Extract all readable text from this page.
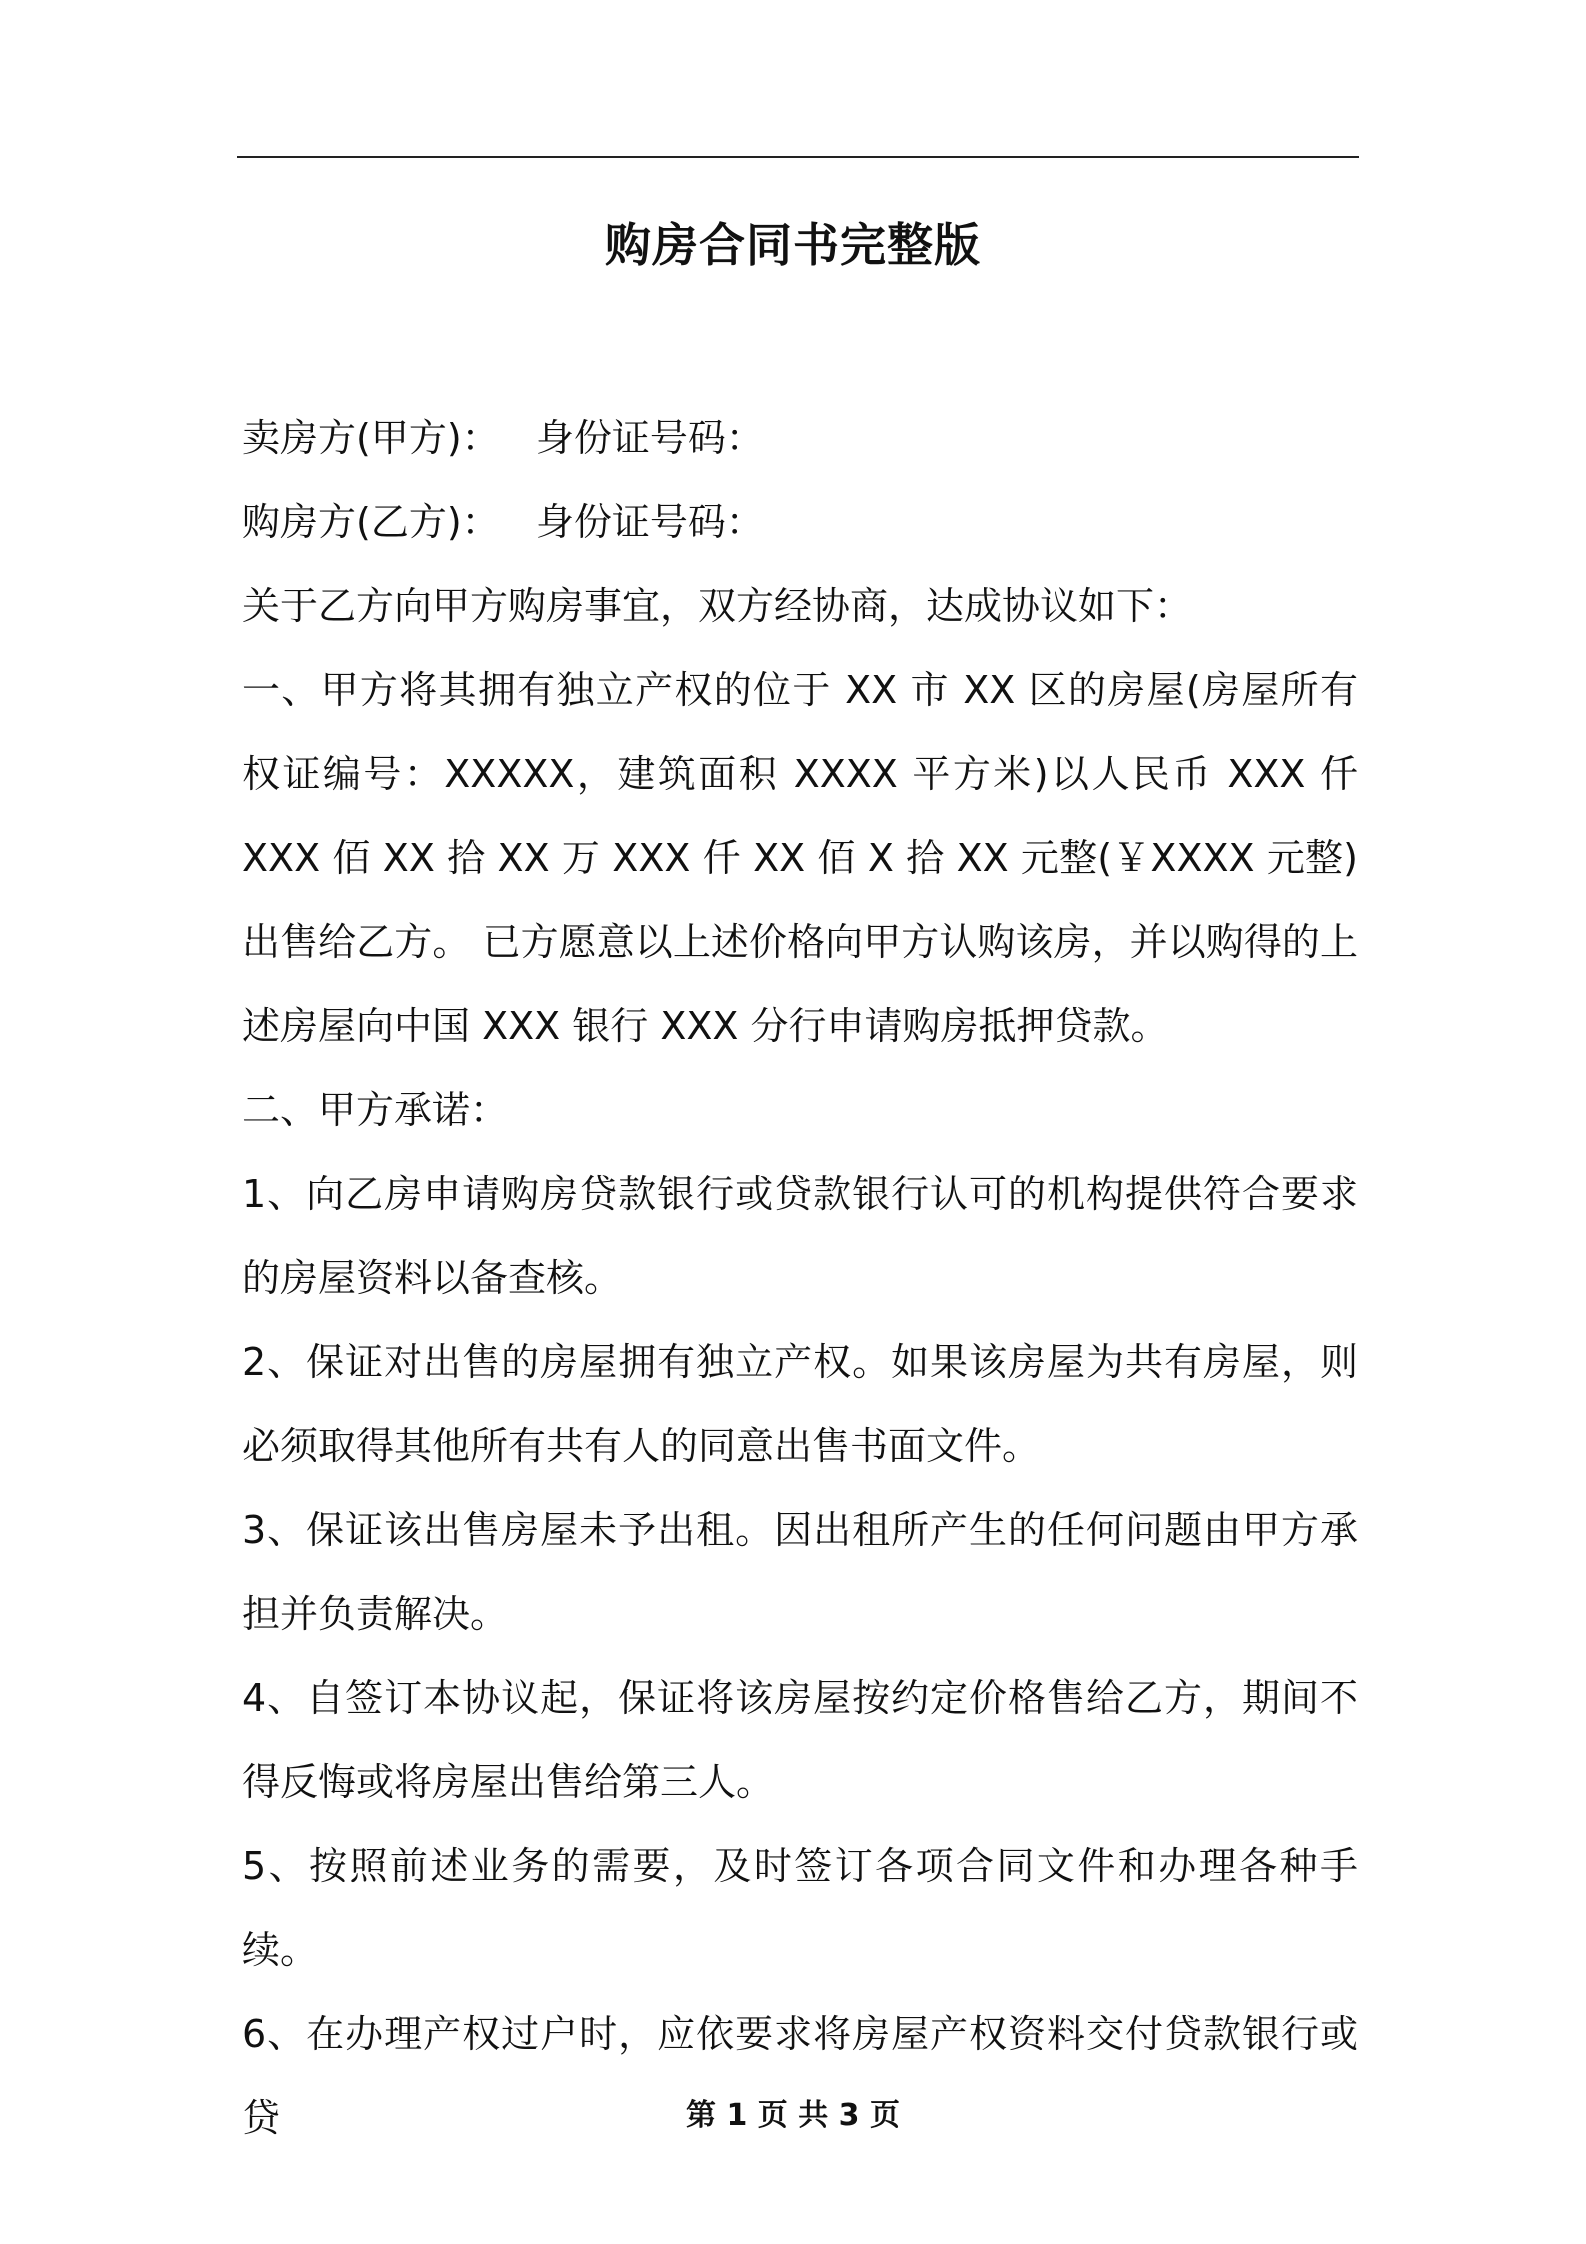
购房合同书完整版

卖房方(甲方)：   身份证号码：

购房方(乙方)：   身份证号码：

关于乙方向甲方购房事宜，双方经协商，达成协议如下：

一、甲方将其拥有独立产权的位于 XX 市 XX 区的房屋(房屋所有权证编号：XXXXX，建筑面积 XXXX 平方米)以人民币 XXX 仟 XXX 佰 XX 拾 XX 万 XXX 仟 XX 佰 X 拾 XX 元整(￥XXXX 元整)出售给乙方。 已方愿意以上述价格向甲方认购该房，并以购得的上述房屋向中国 XXX 银行 XXX 分行申请购房抵押贷款。

二、甲方承诺：

1、向乙房申请购房贷款银行或贷款银行认可的机构提供符合要求的房屋资料以备查核。

2、保证对出售的房屋拥有独立产权。如果该房屋为共有房屋，则必须取得其他所有共有人的同意出售书面文件。

3、保证该出售房屋未予出租。因出租所产生的任何问题由甲方承担并负责解决。

4、自签订本协议起，保证将该房屋按约定价格售给乙方，期间不得反悔或将房屋出售给第三人。

5、按照前述业务的需要，及时签订各项合同文件和办理各种手续。

6、在办理产权过户时，应依要求将房屋产权资料交付贷款银行或贷	第 1 页 共 3 页
